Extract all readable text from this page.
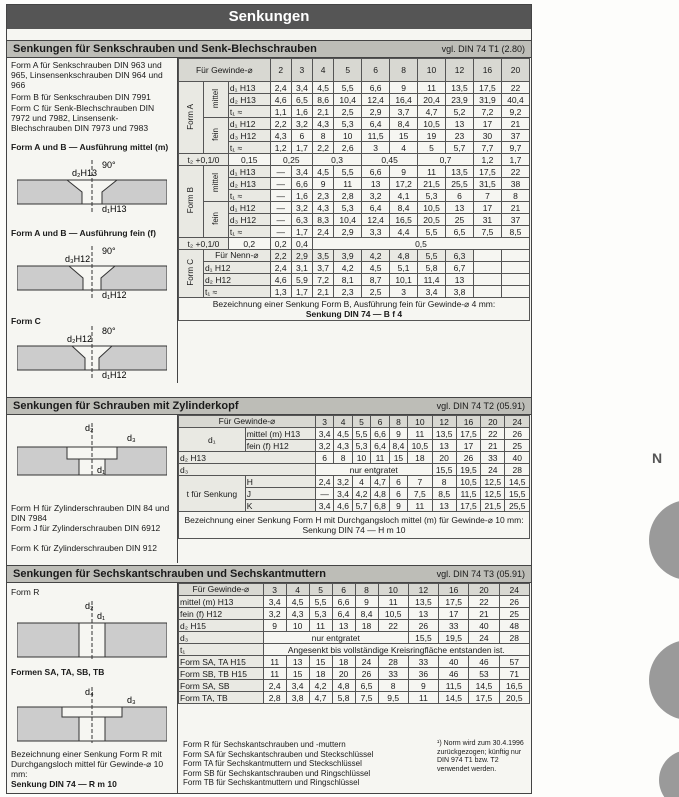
Senkungen
Senkungen für Senkschrauben und Senk-Blechschrauben	vgl. DIN 74 T1 (2.80)
Form A für Senkschrauben DIN 963 und 965, Linsensenkschrauben DIN 964 und 966
Form B für Senkschrauben DIN 7991
Form C für Senk-Blechschrauben DIN 7972 und 7982, Linsensenk-Blechschrauben DIN 7973 und 7983
Form A und B — Ausführung mittel (m)
90°
d₂H13
d₁H13
Form A und B — Ausführung fein (f)
90°
d₃H12
d₁H12
Form C
80°
d₂H12
d₁H12
Für Gewinde-⌀			2	3	4	5	6	8	10	12	16	20
Form A	mittel	d₁ H13	2,4	3,4	4,5	5,5	6,6	9	11	13,5	17,5	22
		d₂ H13	4,6	6,5	8,6	10,4	12,4	16,4	20,4	23,9	31,9	40,4
		t₁ ≈	1,1	1,6	2,1	2,5	2,9	3,7	4,7	5,2	7,2	9,2
	fein	d₁ H12	2,2	3,2	4,3	5,3	6,4	8,4	10,5	13	17	21
		d₃ H12	4,3	6	8	10	11,5	15	19	23	30	37
		t₁ ≈	1,2	1,7	2,2	2,6	3	4	5	5,7	7,7	9,7
t₂ +0,1/0		0,15	0,25		0,3		0,45		0,7		1,2	1,7
Form B	mittel	d₁ H13	—	3,4	4,5	5,5	6,6	9	11	13,5	17,5	22
		d₂ H13	—	6,6	9	11	13	17,2	21,5	25,5	31,5	38
		t₁ ≈	—	1,6	2,3	2,8	3,2	4,1	5,3	6	7	8
	fein	d₁ H12	—	3,2	4,3	5,3	6,4	8,4	10,5	13	17	21
		d₃ H12	—	6,3	8,3	10,4	12,4	16,5	20,5	25	31	37
		t₁ ≈	—	1,7	2,4	2,9	3,3	4,4	5,5	6,5	7,5	8,5
t₂ +0,1/0		0,2	0,2	0,4	0,5							
Form C	Für Nenn-⌀		2,2	2,9	3,5	3,9	4,2	4,8	5,5	6,3		
	d₁ H12		2,4	3,1	3,7	4,2	4,5	5,1	5,8	6,7		
	d₂ H12		4,6	5,9	7,2	8,1	8,7	10,1	11,4	13		
	t₁ ≈		1,3	1,7	2,1	2,3	2,5	3	3,4	3,8		

Bezeichnung einer Senkung Form B, Ausführung fein für Gewinde-⌀ 4 mm:
Senkung DIN 74 — B f 4												
Senkungen für Schrauben mit Zylinderkopf	vgl. DIN 74 T2 (05.91)
d₂
d₃
d₁
Form H für Zylinderschrauben DIN 84 und DIN 7984
Form J für Zylinderschrauben DIN 6912
Form K für Zylinderschrauben DIN 912
Für Gewinde-⌀		3	4	5	6	8	10	12	16	20	24
d₁	mittel (m) H13	3,4	4,5	5,5	6,6	9	11	13,5	17,5	22	26
	fein (f) H12	3,2	4,3	5,3	6,4	8,4	10,5	13	17	21	25
d₂ H13		6	8	10	11	15	18	20	26	33	40
d₃		nur entgratet						15,5	19,5	24	28
t für Senkung	H	2,4	3,2	4	4,7	6	7	8	10,5	12,5	14,5
	J	—	3,4	4,2	4,8	6	7,5	8,5	11,5	12,5	15,5
	K	3,4	4,6	5,7	6,8	9	11	13	17,5	21,5	25,5
Bezeichnung einer Senkung Form H mit Durchgangsloch mittel (m) für Gewinde-⌀ 10 mm: Senkung DIN 74 — H m 10											
Senkungen für Sechskantschrauben und Sechskantmuttern	vgl. DIN 74 T3 (05.91)
Form R
d₂
d₁
Formen SA, TA, SB, TB
d₄
d₃
Bezeichnung einer Senkung Form R mit Durchgangsloch mittel für Gewinde-⌀ 10 mm:
Senkung DIN 74 — R m 10
Für Gewinde-⌀	3	4	5	6	8	10	12	16	20	24
mittel (m) H13	3,4	4,5	5,5	6,6	9	11	13,5	17,5	22	26
fein (f) H12	3,2	4,3	5,3	6,4	8,4	10,5	13	17	21	25
d₂ H15	9	10	11	13	18	22	26	33	40	48
d₃	nur entgratet						15,5	19,5	24	28
t₁	Angesenkt bis vollständige Kreisringfläche entstanden ist.									
Form SA, TA H15	11	13	15	18	24	28	33	40	46	57
Form SB, TB H15	11	15	18	20	26	33	36	46	53	71
Form SA, SB	2,4	3,4	4,2	4,8	6,5	8	9	11,5	14,5	16,5
Form TA, TB	2,8	3,8	4,7	5,8	7,5	9,5	11	14,5	17,5	20,5
Form R für Sechskantschrauben und -muttern
Form SA für Sechskantschrauben und Steckschlüssel
Form TA für Sechskantmuttern und Steckschlüssel
Form SB für Sechskantschrauben und Ringschlüssel
Form TB für Sechskantmuttern und Ringschlüssel
¹) Norm wird zum 30.4.1996 zurückgezogen; künftig nur DIN 974 T1 bzw. T2 verwendet werden.
N
